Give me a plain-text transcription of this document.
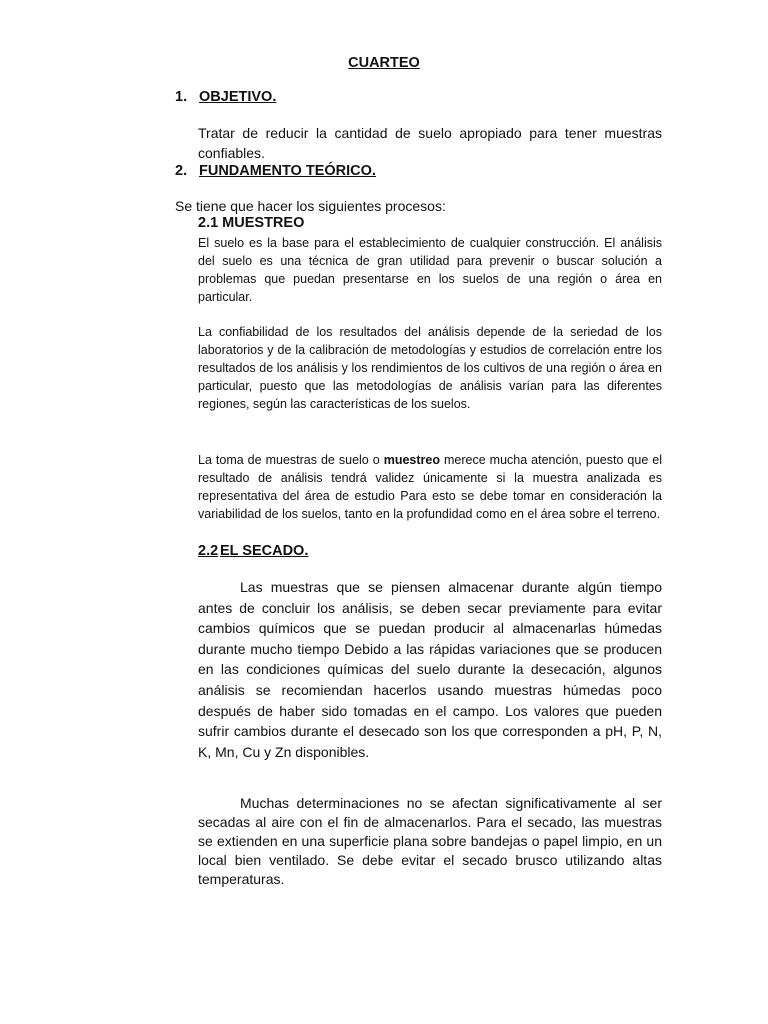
CUARTEO
1. OBJETIVO.

Tratar de reducir la cantidad de suelo apropiado para tener muestras confiables.

2. FUNDAMENTO TEÓRICO.
Se tiene que hacer los siguientes procesos:
2.1 MUESTREO

El suelo es la base para el establecimiento de cualquier construcción. El análisis del suelo es una técnica de gran utilidad para prevenir o buscar solución a problemas que puedan presentarse en los suelos de una región o área en particular.

La confiabilidad de los resultados del análisis depende de la seriedad de los laboratorios y de la calibración de metodologías y estudios de correlación entre los resultados de los análisis y los rendimientos de los cultivos de una región o área en particular, puesto que las metodologías de análisis varían para las diferentes regiones, según las características de los suelos.

La toma de muestras de suelo o muestreo merece mucha atención, puesto que el resultado de análisis tendrá validez únicamente si la muestra analizada es representativa del área de estudio Para esto se debe tomar en consideración la variabilidad de los suelos, tanto en la profundidad como en el área sobre el terreno.

2.2 EL SECADO.

Las muestras que se piensen almacenar durante algún tiempo antes de concluir los análisis, se deben secar previamente para evitar cambios químicos que se puedan producir al almacenarlas húmedas durante mucho tiempo Debido a las rápidas variaciones que se producen en las condiciones químicas del suelo durante la desecación, algunos análisis se recomiendan hacerlos usando muestras húmedas poco después de haber sido tomadas en el campo. Los valores que pueden sufrir cambios durante el desecado son los que corresponden a pH, P, N, K, Mn, Cu y Zn disponibles.

Muchas determinaciones no se afectan significativamente al ser secadas al aire con el fin de almacenarlos. Para el secado, las muestras se extienden en una superficie plana sobre bandejas o papel limpio, en un local bien ventilado. Se debe evitar el secado brusco utilizando altas temperaturas.
